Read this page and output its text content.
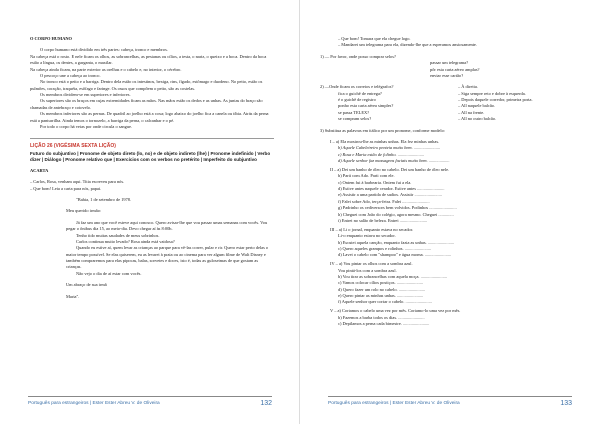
O CORPO HUMANO

O corpo humano está dividido em três partes: cabeça, tronco e membros.

Na cabeça está o rosto. E nele ficam os olhos, as sobrancelhas, as pestanas ou cílios, a testa, o nariz, o queixo e a boca. Dentro da boca estão a língua, os dentes, a garganta, o maxilar.

Na cabeça ainda ficam, na parte exterior as orelhas e o cabelo e, no interior, o cérebro.

O pescoço une a cabeça ao tronco.

No tronco está o peito e a barriga. Dentro dela estão os intestinos, bexiga, rins, fígado, estômago e duodeno. No peito, estão os pulmões, coração, traquéia, esôfago e faringe. Os ossos que compõem o peito, são as costelas.

Os membros dividem-se em superiores e inferiores.

Os superiores são os braços em cujas extremidades ficam as mãos. Nas mãos estão os dedos e as unhas. As juntas do braço são chamadas de antebraço e cotovelo.

Os membros inferiores são as pernas. De quadril ao joelho está a coxa; logo abaixo do joelho fica a canela ou tíbia. Atrás da perna está a panturrilha. Ainda temos o tornozelo, a barriga da perna, o calcanhar e o pé.

Por todo o corpo há veias por onde circula o sangue.

LIÇÃO 26 (VIGÉSIMA SEXTA LIÇÃO)

Futuro do subjuntivo | Pronome de objeto direto (lo, no) e de objeto indireto (lhe) | Pronome indefinido | Verbo dizer | Diálogo | Pronome relativo que | Exercícios com os verbos no pretérito | Imperfeito do subjuntivo

ACARTA

– Carlos, Rosa, venham aqui. Titia escreveu para nós.

– Que bom! Leia a carta para nós, papai.

"Bahia, 1 de setembro de 1978.

Meu querido irmão:

Já faz um ano que você esteve aqui conosco. Quero avisar-lhe que vou passar umas semanas com vocês. Vou pegar o ônibus dia 15, ao meio-dia. Devo chegar aí às 8:00h.

Tenho tido muitas saudades de meus sobrinhos.

Carlos continua muito levado? Rosa ainda está vaidosa?

Quando eu estive aí, quem levar as crianças ao parque para vê-las correr, pular e rir. Quero estar perto delas o maior tempo possível. Se elas quiserem, eu as levarei à praia ou ao cinema para ver algum filme de Walt Disney e também compraremos para elas pipocas, balas, sorvetes e doces, isto é, todas as guloseimas de que gostam as crianças.

Não vejo o dia de aí estar com vocês.

Um abraço de sua irmã

Maria".

Português para estrangeiros | Ester Ester Abreu V. de Oliveira	132

– Que bom! Tomara que ela chegue logo.

– Mandarei um telegrama para ela, dizendo-lhe que a esperamos ansiosamente.

1) — Por favor, onde posso comprar selos?

passar um telegrama?

pôr esta carta aéreo amplas?

enviar esse cartão?

2) —Onde ficam os correios e telégrafos?

fica o guichê de entrega?

é o guichê de registro

ponho esta carta aérea simples?

se passa TELEX?

se compram selos?

– À direita.

– Siga sempre reto e dobre à esquerda.

– Depois daquele corredor, primeira porta.

– All naquele balcão.

– All na frente.

– All no outro balcão.

3) Substitua as palavras em itálico por um pronome, conforme modelo:

I – a) Ela mostrou-lhe as minhas unhas. Ela fez minhas unhas.

b) Aquele Cabeleireiro penteia muito bem. ........................

c) Rosa e Maria estão de folinho. ........................

d) Aquele senhor faz massagens faciais muito bem. ...................

II – a) Dei um banho de óleo no cabelo. Dei um banho de óleo nele.

b) Parti com Ado. Parti com ele.

c) Ontem fui à barbearia. Ontem fui a ela.

d) Estive antes naquele cerador. Estive antes .........................

e) Assistir a uma partida de sadios. Assistir .........................

f) Falei sobre Ado, terça-feira. Falei .........................

g) Padrinho os cediversors bem volvidos. Podinhos .........................

h) Cheguei com João do colégio, agora mesmo. Cheguei ..............

i) Entrei no salão de beleza. Entrei .........................

III – a) Li o jornal, enquanto estava no secador.

Li-o enquanto estava no secador.

b) Escutei aquela canção, enquanto fazia as unhas. ........................

c) Quero aqueles grampos e rolinhos. ........................

d) Lavei o cabelo com "shampoo" e água morna. ........................

IV – a) Vou pintar os olhos com a sombra azul.

Vou pintá-los com a sombra azul.

b) Vou tirar as sobrancelhas com aquela moça. ........................

c) Vamos colocar cílios postiços. ........................

d) Quero fazer um rolo no cabelo. ........................

e) Quero pintar as minhas unhas. ........................

f) Aquele senhor quer cortar o cabelo. ........................

V – a) Cortamos o cabelo uma vez por mês. Cortamo-lo uma vez por mês.

b) Fazemos a barba todos os dias. ........................

c) Depilamos a perna cada bimestre. ........................

Português para estrangeiros | Ester Ester Abreu V. de Oliveira	133
